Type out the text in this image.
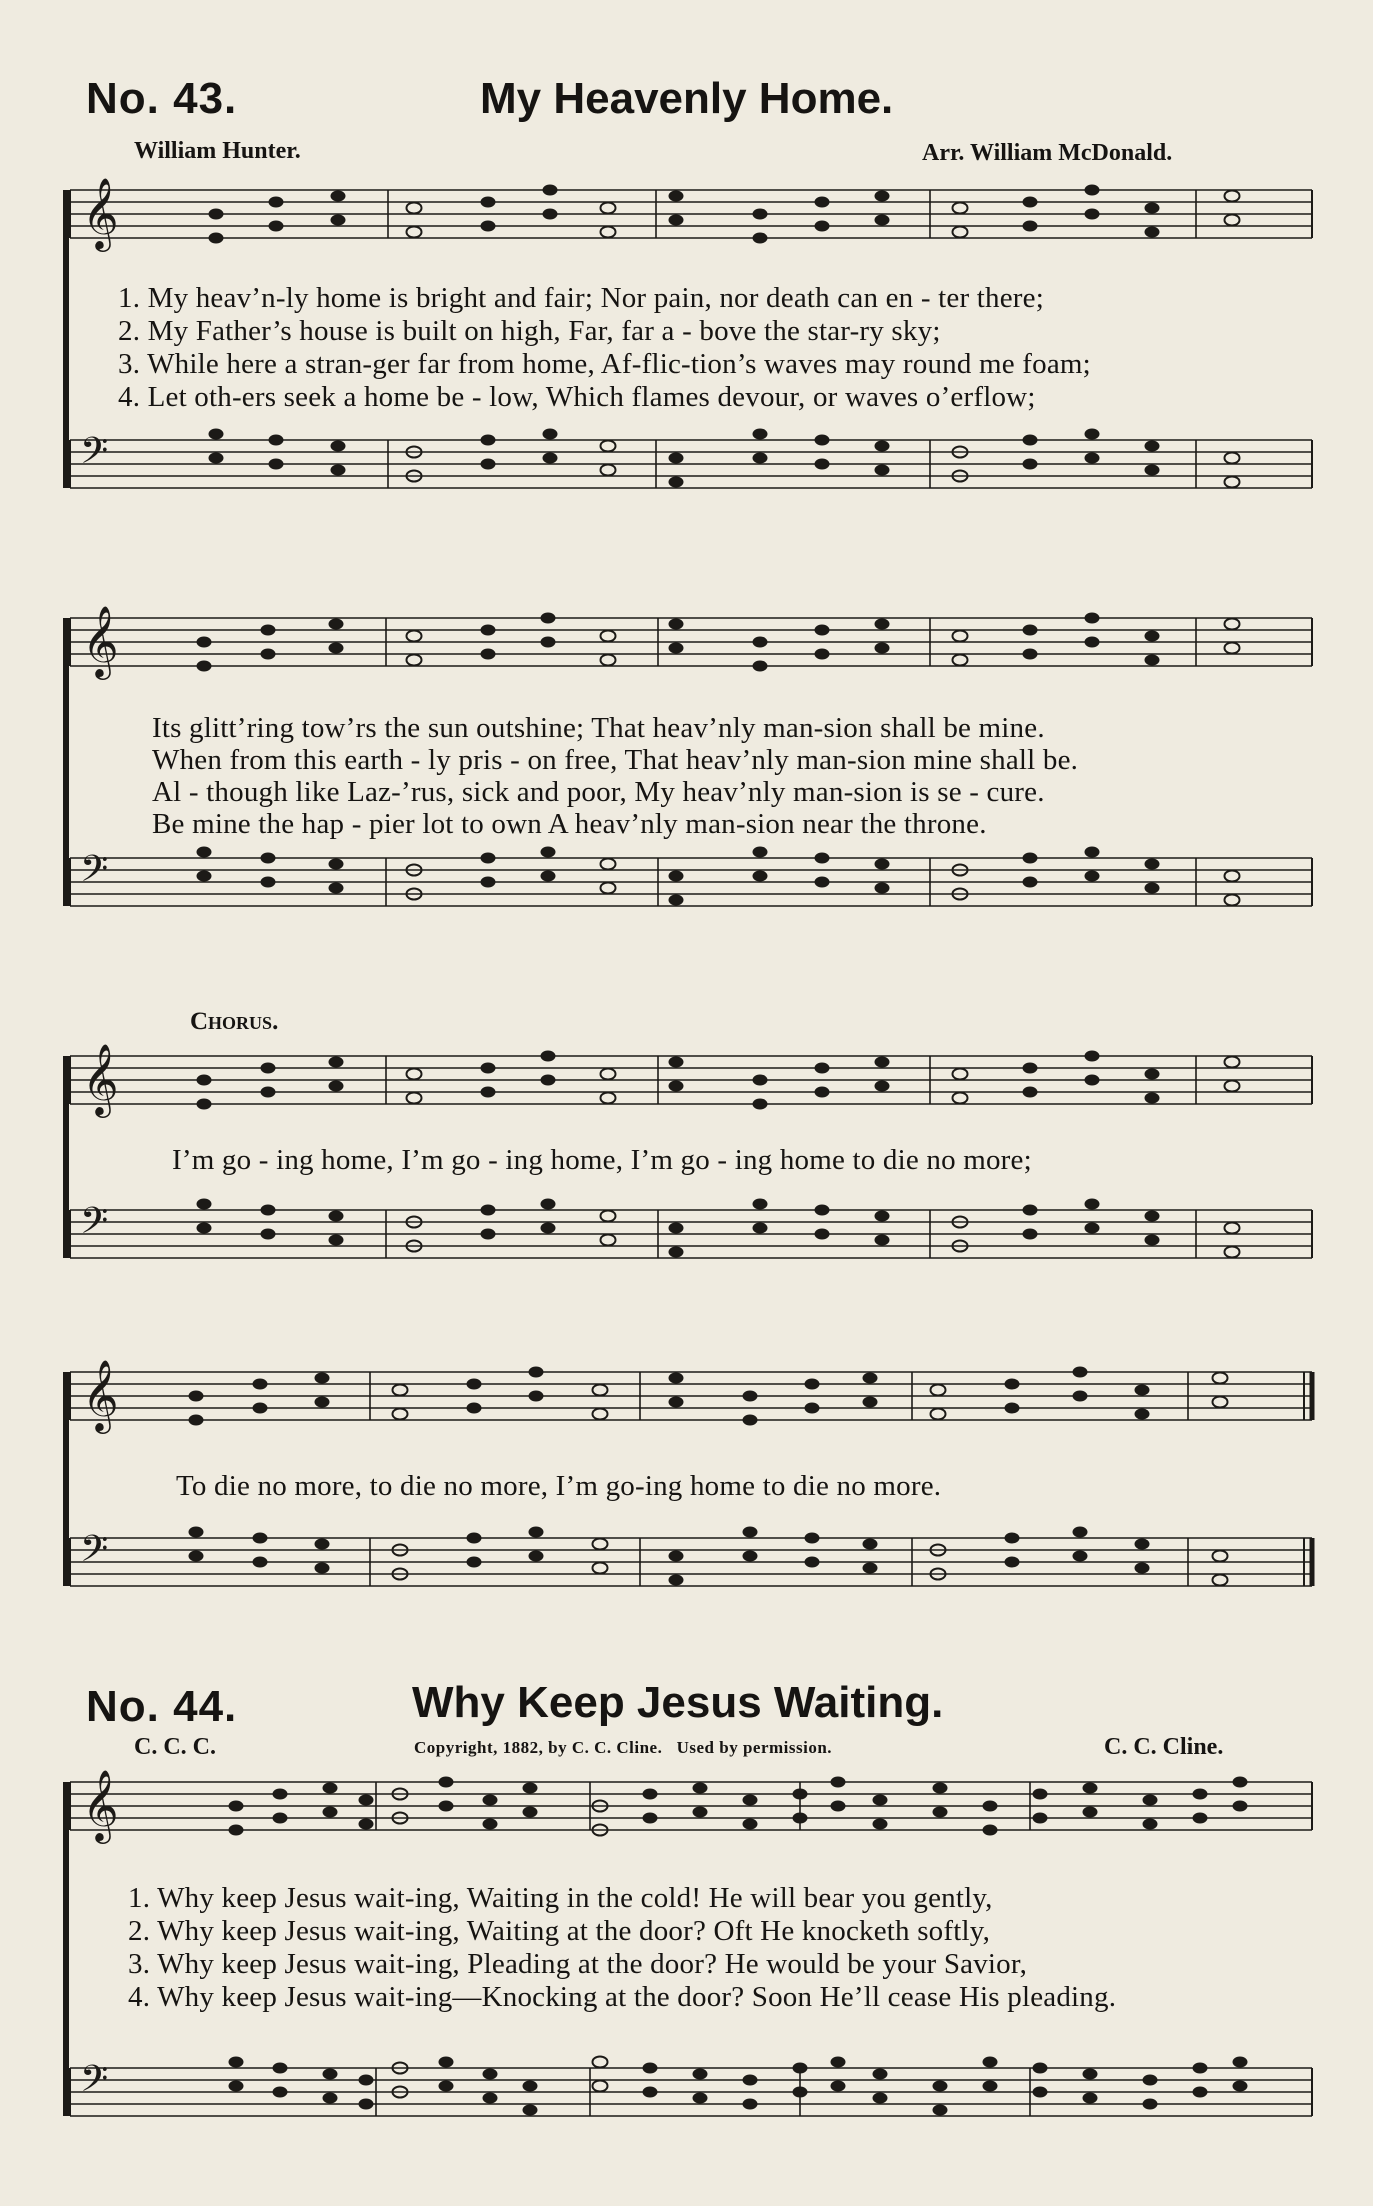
No. 43.	My Heavenly Home.
William Hunter.	Arr. William McDonald.
𝄞
𝄢
𝄞
𝄢
𝄞
𝄢
𝄞
𝄢
𝄞
𝄢
1. My heav’n-ly home is bright and fair; Nor pain, nor death can en - ter there;
2. My Father’s house is built on high, Far, far a - bove the star-ry sky;
3. While here a stran-ger far from home, Af-flic-tion’s waves may round me foam;
4. Let oth-ers seek a home be - low, Which flames devour, or waves o’erflow;
Its glitt’ring tow’rs the sun outshine; That heav’nly man-sion shall be mine.
When from this earth - ly pris - on free, That heav’nly man-sion mine shall be.
Al - though like Laz-’rus, sick and poor, My heav’nly man-sion is se - cure.
Be mine the hap - pier lot to own A heav’nly man-sion near the throne.
Chorus.
I’m go - ing home, I’m go - ing home, I’m go - ing home to die no more;
To die no more, to die no more, I’m go-ing home to die no more.
No. 44.	Why Keep Jesus Waiting.
C. C. C.	Copyright, 1882, by C. C. Cline.   Used by permission.	C. C. Cline.
1. Why keep Jesus wait-ing, Waiting in the cold! He will bear you gently,
2. Why keep Jesus wait-ing, Waiting at the door? Oft He knocketh softly,
3. Why keep Jesus wait-ing, Pleading at the door? He would be your Savior,
4. Why keep Jesus wait-ing—Knocking at the door? Soon He’ll cease His pleading.
